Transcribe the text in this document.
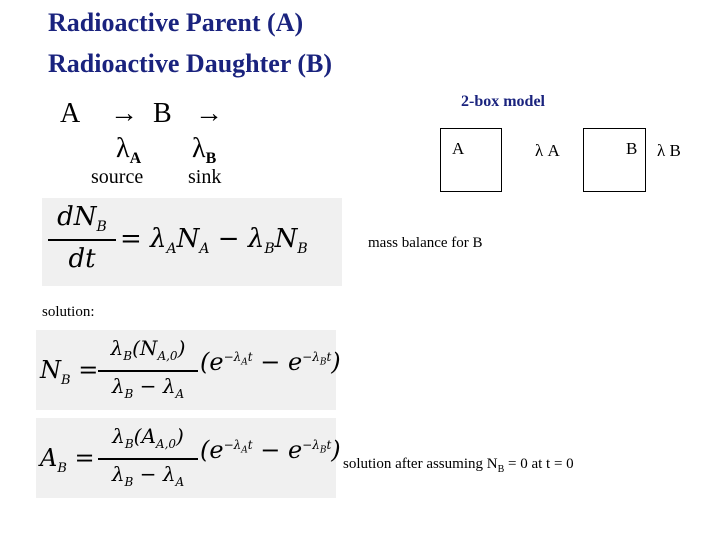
Radioactive Parent (A)
Radioactive Daughter (B)
A → B →
$\lambda_A$ $\lambda_B$
source sink
2-box model
A	B
λ A	λ B
$dN_B$
dt
= $\lambda_AN_A - \lambda_BN_B$	mass balance for B
solution:
$N_B$ =
$\lambda_B(N_{A,0})$
$\lambda_B - \lambda_A$
$(e^{-\lambda_At} - e^{-\lambda_Bt})$
$A_B$ =
$\lambda_B(A_{A,0})$
$\lambda_B - \lambda_A$
$(e^{-\lambda_At} - e^{-\lambda_Bt})$ solution after assuming $N_B = 0$ at t = 0
